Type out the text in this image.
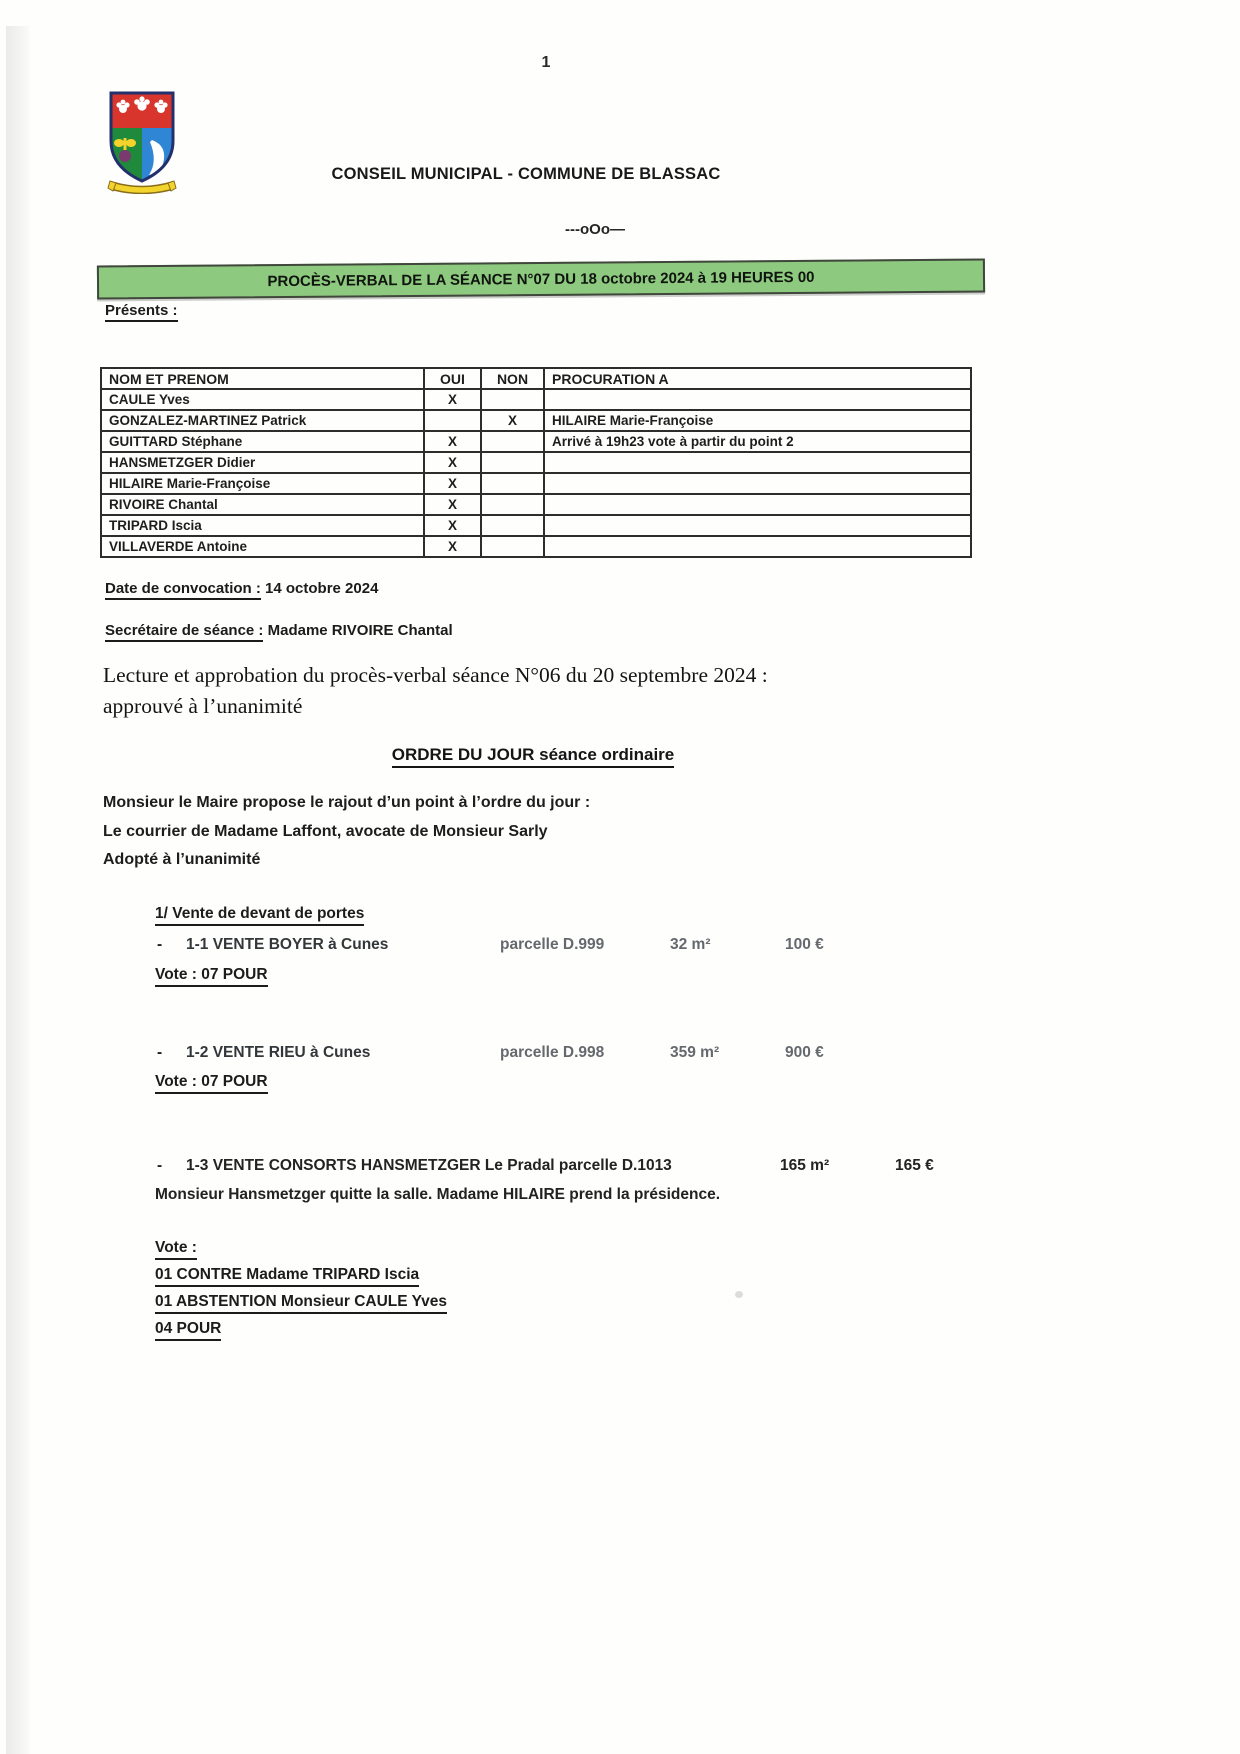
1
CONSEIL MUNICIPAL - COMMUNE DE BLASSAC
---oOo—
PROCÈS-VERBAL DE LA SÉANCE N°07 DU 18 octobre 2024 à 19 HEURES 00
Présents :
NOM ET PRENOM	OUI	NON	PROCURATION A
CAULE Yves	X		
GONZALEZ-MARTINEZ Patrick		X	HILAIRE Marie-Françoise
GUITTARD Stéphane	X		Arrivé à 19h23 vote à partir du point 2
HANSMETZGER Didier	X		
HILAIRE Marie-Françoise	X		
RIVOIRE Chantal	X		
TRIPARD Iscia	X		
VILLAVERDE Antoine	X		
Date de convocation : 14 octobre 2024
Secrétaire de séance : Madame RIVOIRE Chantal
Lecture et approbation du procès-verbal séance N°06 du 20 septembre 2024 :
approuvé à l’unanimité
ORDRE DU JOUR séance ordinaire
Monsieur le Maire propose le rajout d’un point à l’ordre du jour :
Le courrier de Madame Laffont, avocate de Monsieur Sarly
Adopté à l’unanimité
1/ Vente de devant de portes
- 1-1 VENTE BOYER à Cunes	parcelle D.999	32 m²	100 €
Vote : 07 POUR
- 1-2 VENTE RIEU à Cunes	parcelle D.998	359 m²	900 €
Vote : 07 POUR
- 1-3 VENTE CONSORTS HANSMETZGER Le Pradal parcelle D.1013	165 m²	165 €
Monsieur Hansmetzger quitte la salle. Madame HILAIRE prend la présidence.
Vote :
01 CONTRE Madame TRIPARD Iscia
01 ABSTENTION Monsieur CAULE Yves
04 POUR
